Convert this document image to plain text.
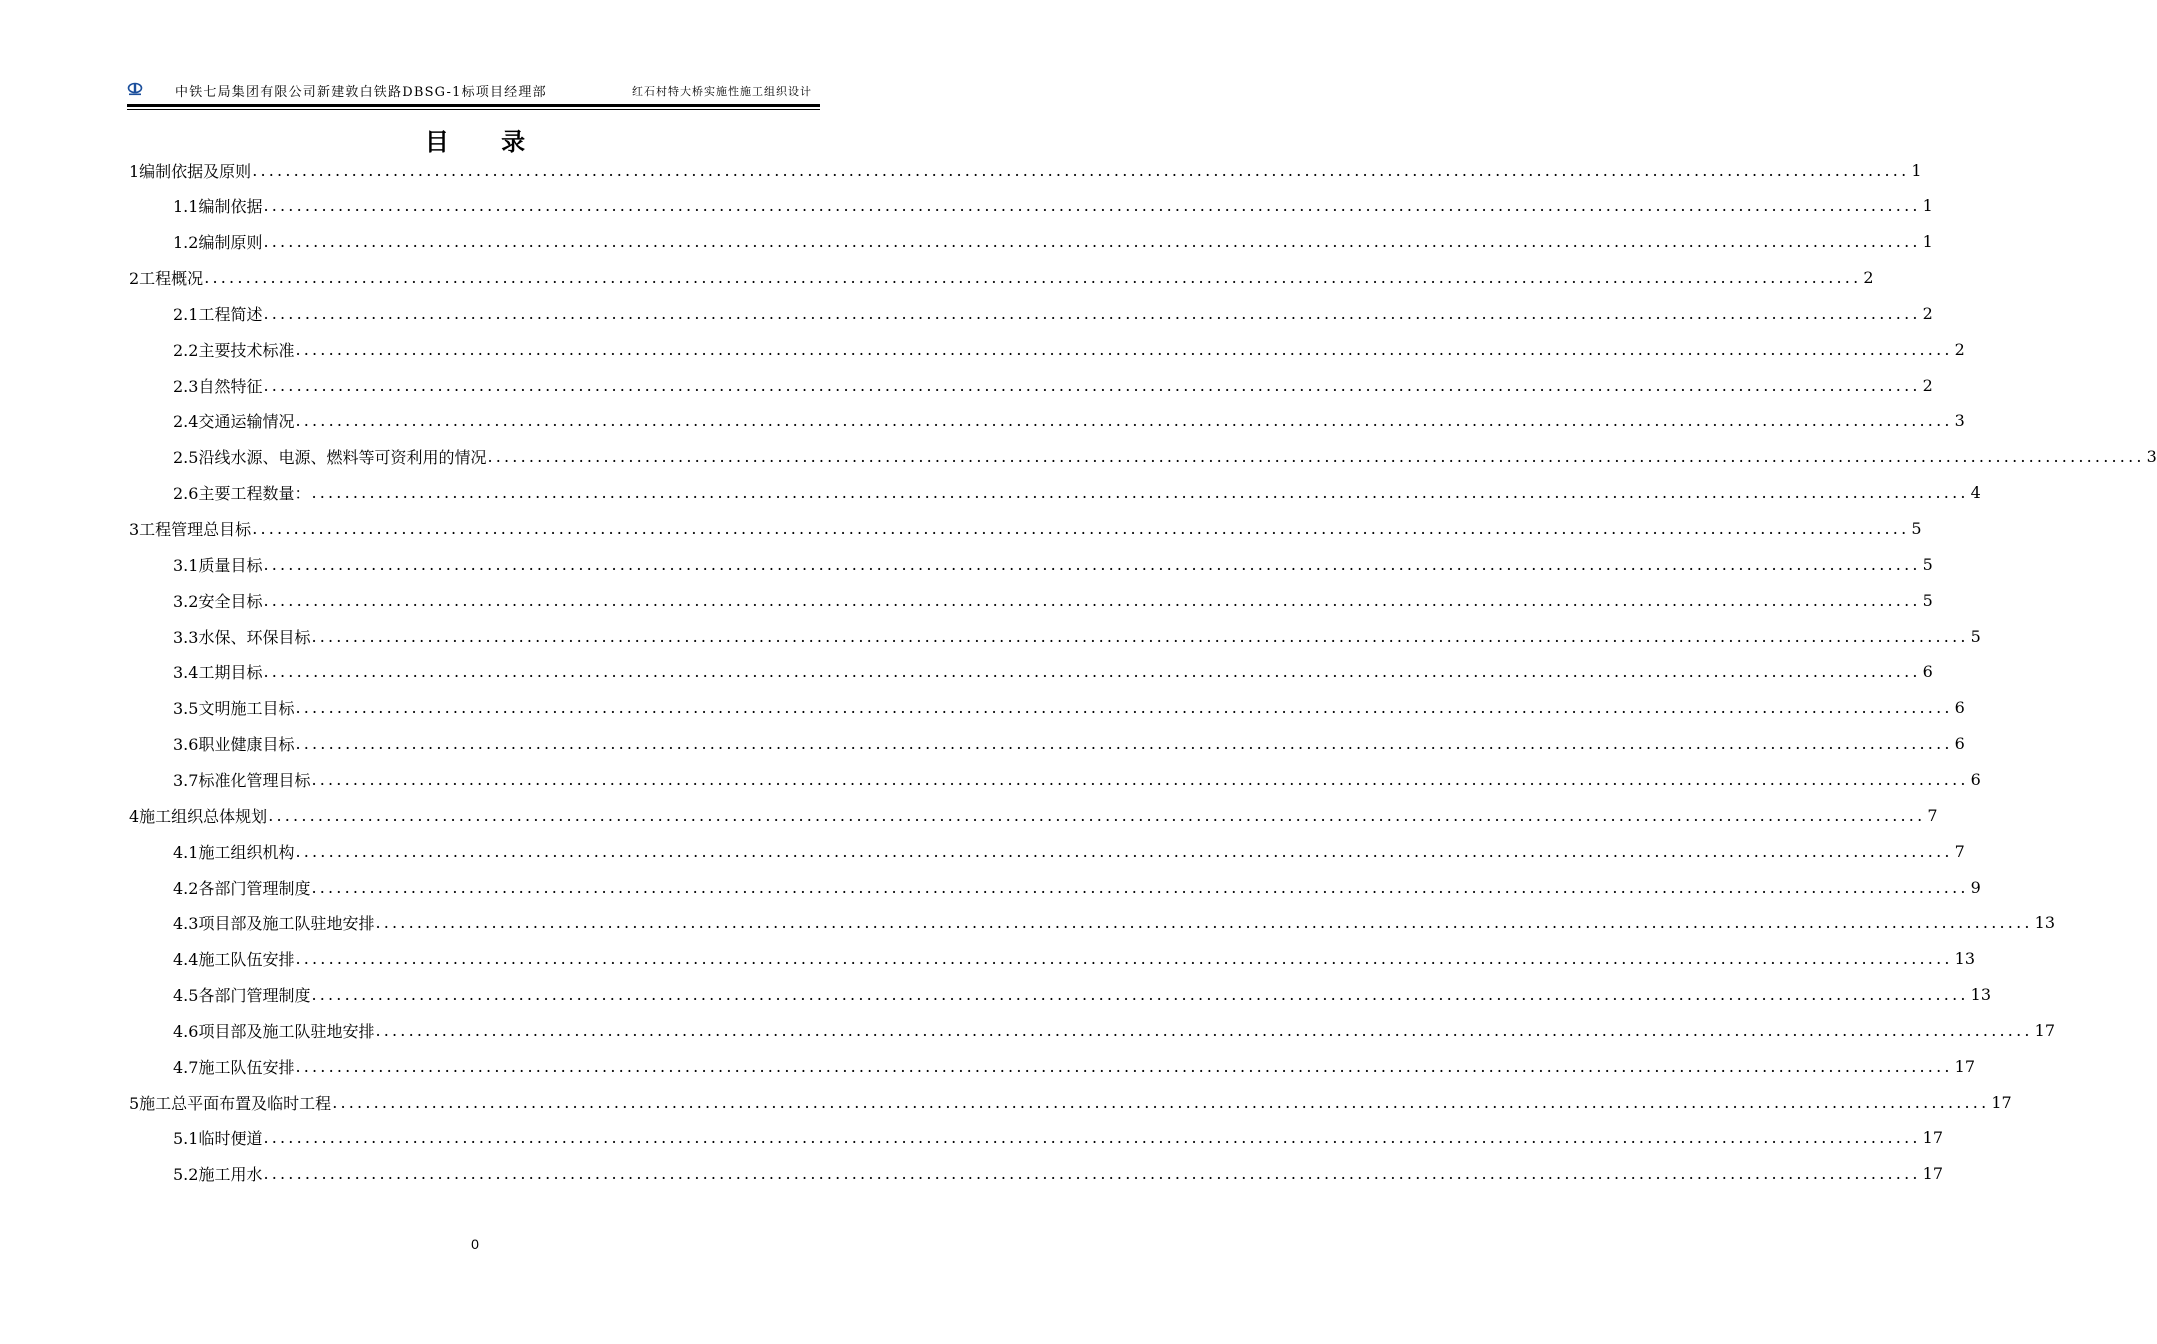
中铁七局集团有限公司新建敦白铁路DBSG-1标项目经理部	红石村特大桥实施性施工组织设计
目 录
1编制依据及原则 ........................................................................................................................................................................................................ 1
1.1编制依据 ........................................................................................................................................................................................................ 1
1.2编制原则 ........................................................................................................................................................................................................ 1
2工程概况 ........................................................................................................................................................................................................ 2
2.1工程简述 ........................................................................................................................................................................................................ 2
2.2主要技术标准 ........................................................................................................................................................................................................ 2
2.3自然特征 ........................................................................................................................................................................................................ 2
2.4交通运输情况 ........................................................................................................................................................................................................ 3
2.5沿线水源、电源、燃料等可资利用的情况 ........................................................................................................................................................................................................ 3
2.6主要工程数量： ........................................................................................................................................................................................................ 4
3工程管理总目标 ........................................................................................................................................................................................................ 5
3.1质量目标 ........................................................................................................................................................................................................ 5
3.2安全目标 ........................................................................................................................................................................................................ 5
3.3水保、环保目标 ........................................................................................................................................................................................................ 5
3.4工期目标 ........................................................................................................................................................................................................ 6
3.5文明施工目标 ........................................................................................................................................................................................................ 6
3.6职业健康目标 ........................................................................................................................................................................................................ 6
3.7标准化管理目标 ........................................................................................................................................................................................................ 6
4施工组织总体规划 ........................................................................................................................................................................................................ 7
4.1施工组织机构 ........................................................................................................................................................................................................ 7
4.2各部门管理制度 ........................................................................................................................................................................................................ 9
4.3项目部及施工队驻地安排 ........................................................................................................................................................................................................ 13
4.4施工队伍安排 ........................................................................................................................................................................................................ 13
4.5各部门管理制度 ........................................................................................................................................................................................................ 13
4.6项目部及施工队驻地安排 ........................................................................................................................................................................................................ 17
4.7施工队伍安排 ........................................................................................................................................................................................................ 17
5施工总平面布置及临时工程 ........................................................................................................................................................................................................ 17
5.1临时便道 ........................................................................................................................................................................................................ 17
5.2施工用水 ........................................................................................................................................................................................................ 17
0
